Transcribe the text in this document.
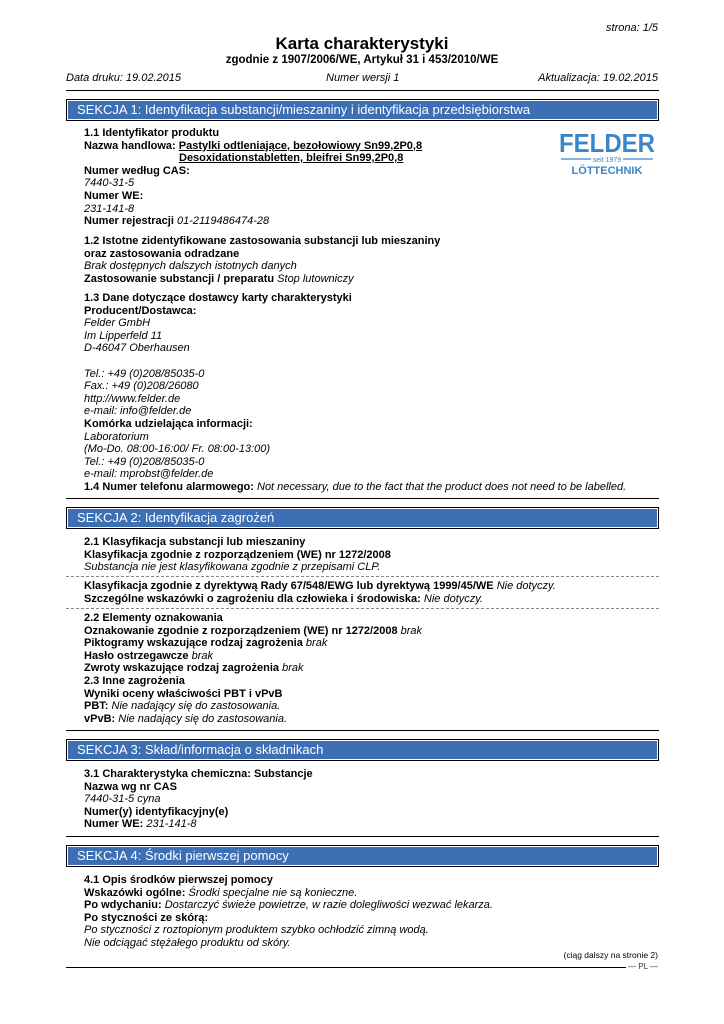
strona: 1/5
Karta charakterystyki
zgodnie z 1907/2006/WE, Artykuł 31 i 453/2010/WE
Data druku: 19.02.2015	Numer wersji 1	Aktualizacja: 19.02.2015
SEKCJA 1: Identyfikacja substancji/mieszaniny i identyfikacja przedsiębiorstwa
FELDER
seit 1979
LÖTTECHNIK
1.1 Identyfikator produktu
Nazwa handlowa: Pastylki odtleniające, bezołowiowy Sn99,2P0,8
Desoxidationstabletten, bleifrei Sn99,2P0,8
Numer według CAS:
7440-31-5
Numer WE:
231-141-8
Numer rejestracji 01-2119486474-28
1.2 Istotne zidentyfikowane zastosowania substancji lub mieszaniny
oraz zastosowania odradzane
Brak dostępnych dalszych istotnych danych
Zastosowanie substancji / preparatu Stop lutowniczy
1.3 Dane dotyczące dostawcy karty charakterystyki
Producent/Dostawca:
Felder GmbH
Im Lipperfeld 11
D-46047 Oberhausen
Tel.: +49 (0)208/85035-0
Fax.: +49 (0)208/26080
http://www.felder.de
e-mail: info@felder.de
Komórka udzielająca informacji:
Laboratorium
(Mo-Do. 08:00-16:00/ Fr. 08:00-13:00)
Tel.: +49 (0)208/85035-0
e-mail: mprobst@felder.de
1.4 Numer telefonu alarmowego: Not necessary, due to the fact that the product does not need to be labelled.
SEKCJA 2: Identyfikacja zagrożeń
2.1 Klasyfikacja substancji lub mieszaniny
Klasyfikacja zgodnie z rozporządzeniem (WE) nr 1272/2008
Substancja nie jest klasyfikowana zgodnie z przepisami CLP.
Klasyfikacja zgodnie z dyrektywą Rady 67/548/EWG lub dyrektywą 1999/45/WE Nie dotyczy.
Szczególne wskazówki o zagrożeniu dla człowieka i środowiska: Nie dotyczy.
2.2 Elementy oznakowania
Oznakowanie zgodnie z rozporządzeniem (WE) nr 1272/2008 brak
Piktogramy wskazujące rodzaj zagrożenia brak
Hasło ostrzegawcze brak
Zwroty wskazujące rodzaj zagrożenia brak
2.3 Inne zagrożenia
Wyniki oceny właściwości PBT i vPvB
PBT: Nie nadający się do zastosowania.
vPvB: Nie nadający się do zastosowania.
SEKCJA 3: Skład/informacja o składnikach
3.1 Charakterystyka chemiczna: Substancje
Nazwa wg nr CAS
7440-31-5 cyna
Numer(y) identyfikacyjny(e)
Numer WE: 231-141-8
SEKCJA 4: Środki pierwszej pomocy
4.1 Opis środków pierwszej pomocy
Wskazówki ogólne: Środki specjalne nie są konieczne.
Po wdychaniu: Dostarczyć świeże powietrze, w razie dolegliwości wezwać lekarza.
Po styczności ze skórą:
Po styczności z roztopionym produktem szybko ochłodzić zimną wodą.
Nie odciągać stężałego produktu od skóry.
(ciąg dalszy na stronie 2)
— PL —
